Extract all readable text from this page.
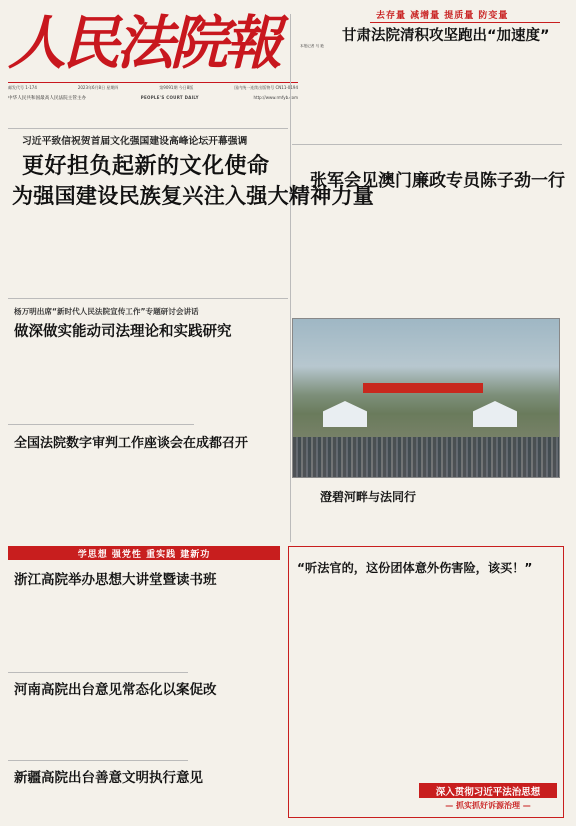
人民法院報
邮发代号 1-174	2023年6月8日 星期四	第9091期 今日8版	国内统一连续出版物号 CN11-0194
中华人民共和国最高人民法院主管主办	PEOPLE'S COURT DAILY	http://www.rmfyb.com
去存量 减增量 提质量 防变量
甘肃法院清积攻坚跑出“加速度”
本报记者 马 艳
习近平致信祝贺首届文化强国建设高峰论坛开幕强调
更好担负起新的文化使命
为强国建设民族复兴注入强大精神力量
张军会见澳门廉政专员陈子劲一行
杨万明出席“新时代人民法院宣传工作”专题研讨会讲话
做深做实能动司法理论和实践研究
全国法院数字审判工作座谈会在成都召开
澄碧河畔与法同行
学思想 强党性 重实践 建新功
浙江高院举办思想大讲堂暨读书班
河南高院出台意见常态化以案促改
新疆高院出台善意文明执行意见
“听法官的，这份团体意外伤害险，该买！”
深入贯彻习近平法治思想
— 抓实抓好诉源治理 —
